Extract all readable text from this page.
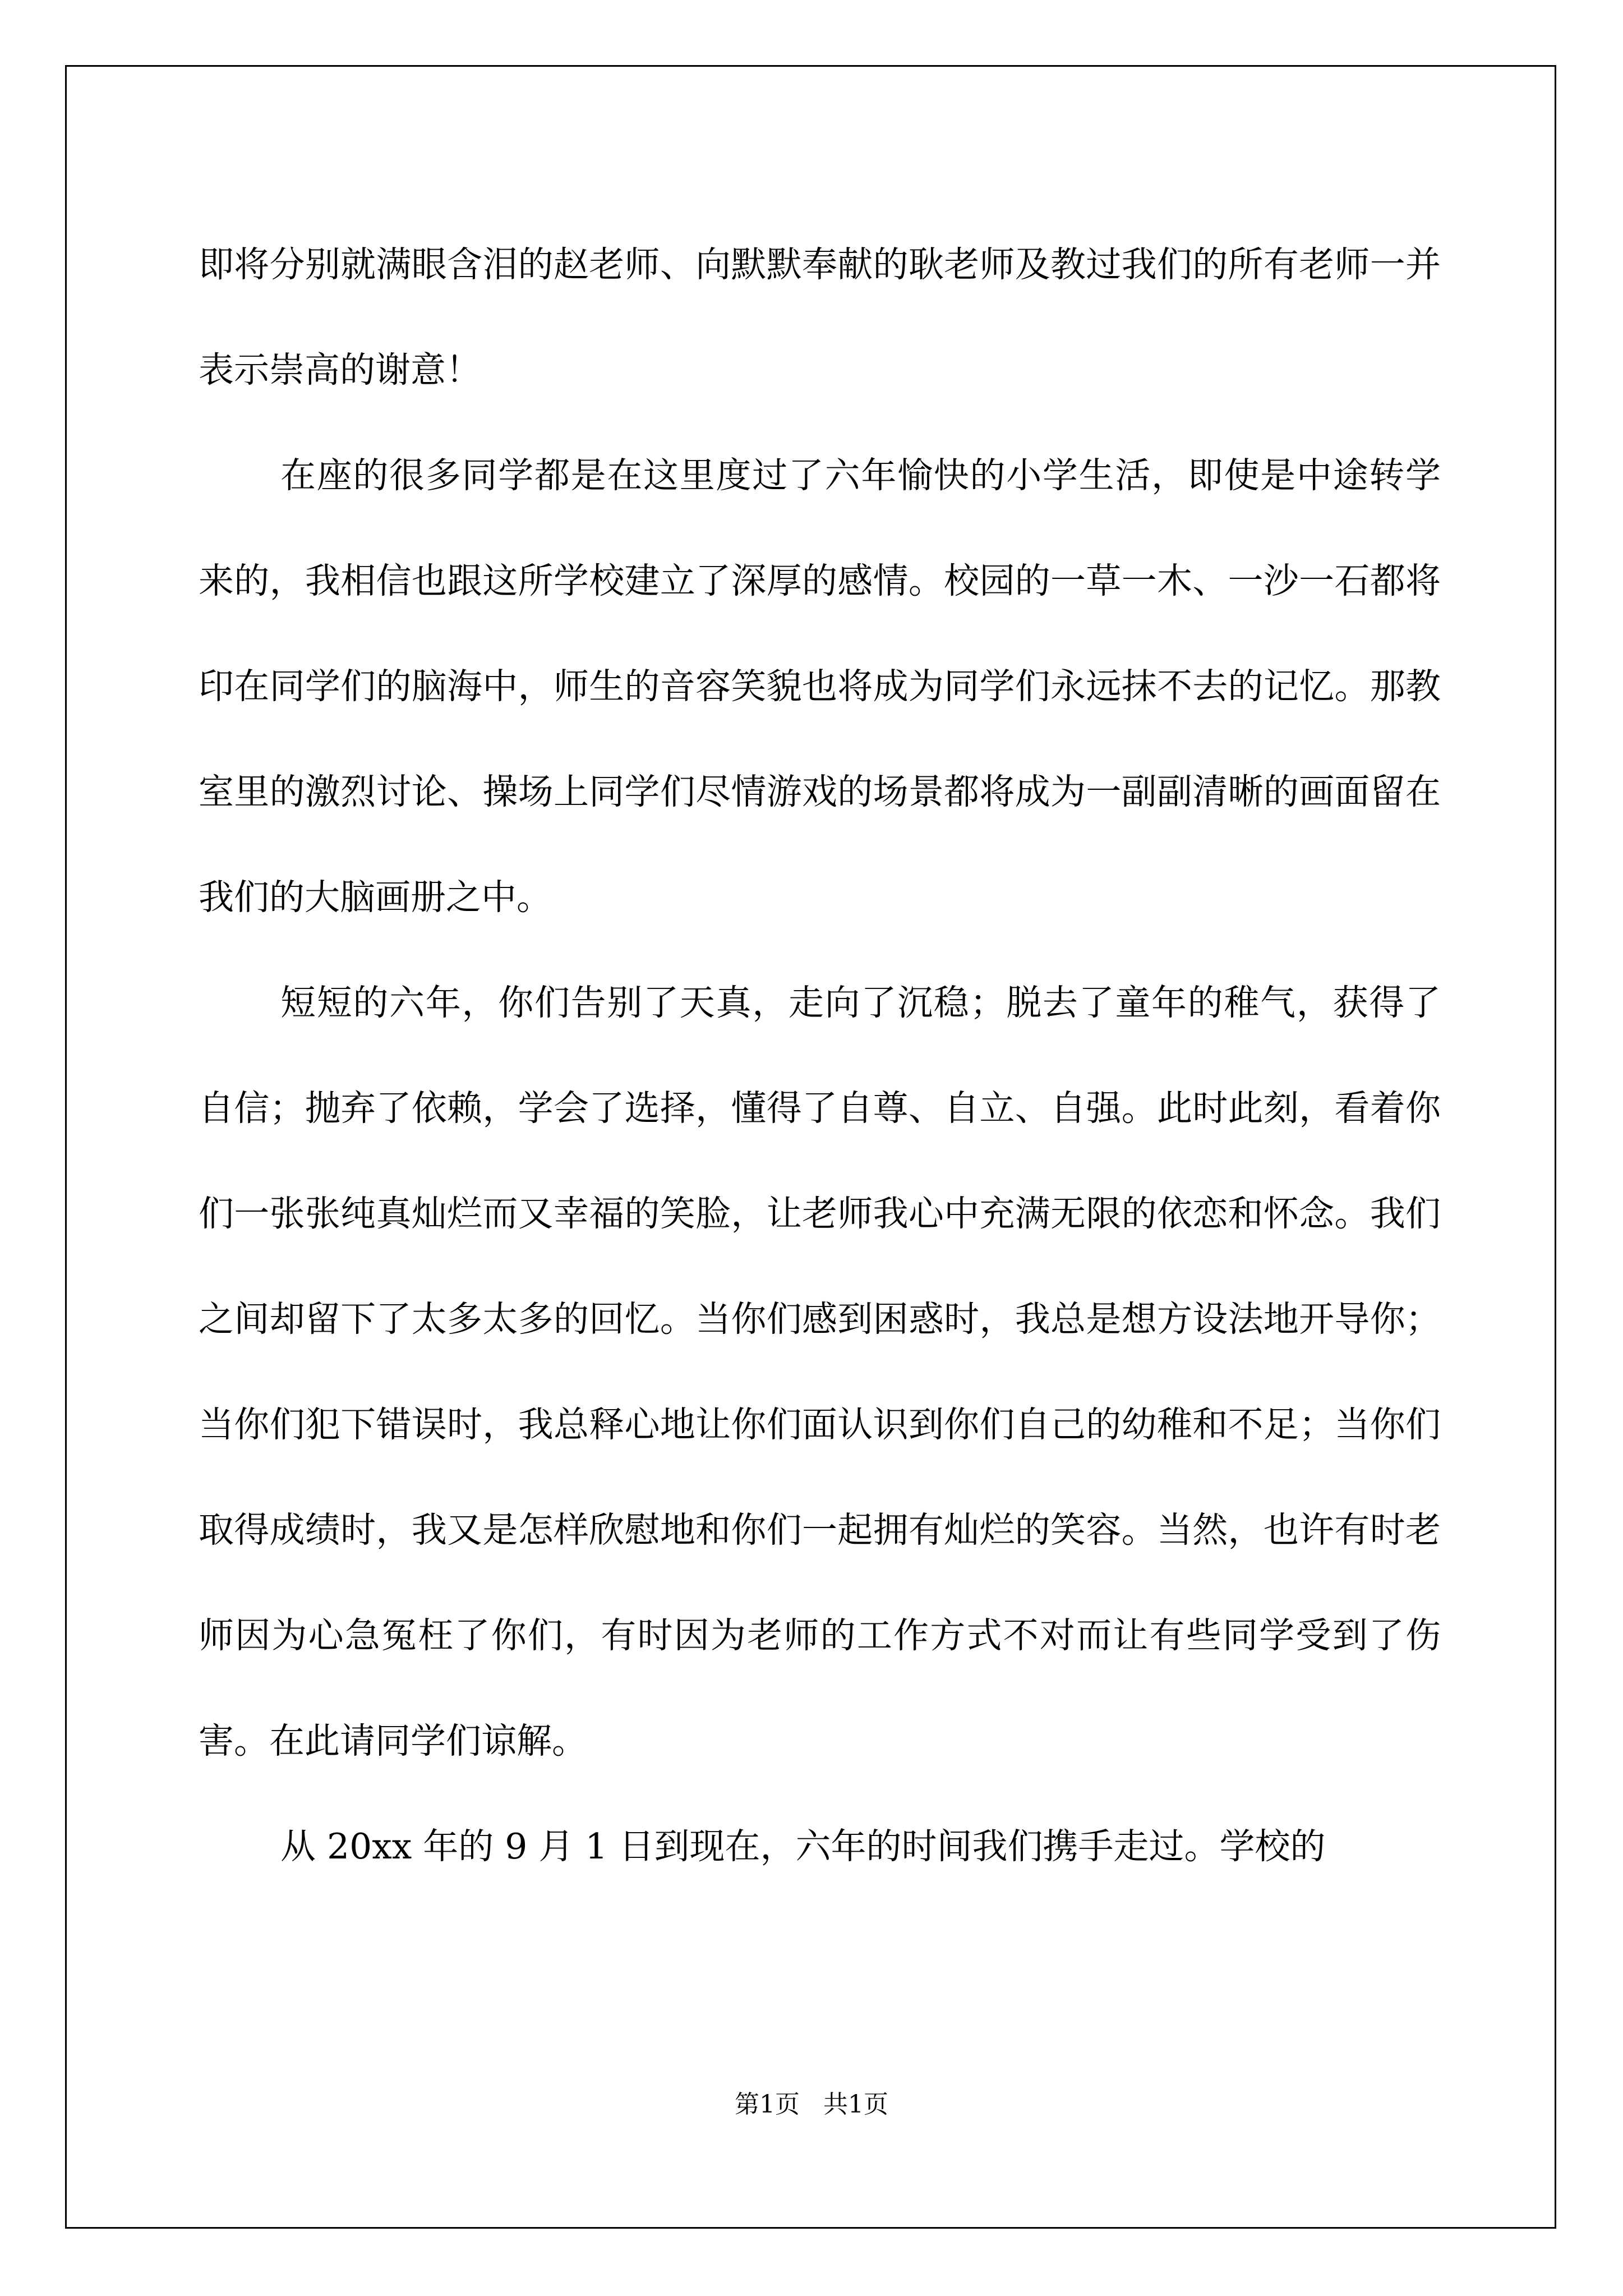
即将分别就满眼含泪的赵老师、向默默奉献的耿老师及教过我们的所有老师一并表示崇高的谢意！

在座的很多同学都是在这里度过了六年愉快的小学生活，即使是中途转学来的，我相信也跟这所学校建立了深厚的感情。校园的一草一木、一沙一石都将印在同学们的脑海中，师生的音容笑貌也将成为同学们永远抹不去的记忆。那教室里的激烈讨论、操场上同学们尽情游戏的场景都将成为一副副清晰的画面留在我们的大脑画册之中。

短短的六年，你们告别了天真，走向了沉稳；脱去了童年的稚气，获得了自信；抛弃了依赖，学会了选择，懂得了自尊、自立、自强。此时此刻，看着你们一张张纯真灿烂而又幸福的笑脸，让老师我心中充满无限的依恋和怀念。我们之间却留下了太多太多的回忆。当你们感到困惑时，我总是想方设法地开导你；当你们犯下错误时，我总释心地让你们面认识到你们自己的幼稚和不足；当你们取得成绩时，我又是怎样欣慰地和你们一起拥有灿烂的笑容。当然，也许有时老师因为心急冤枉了你们，有时因为老师的工作方式不对而让有些同学受到了伤害。在此请同学们谅解。

从 20xx 年的 9 月 1 日到现在，六年的时间我们携手走过。学校的

第1页   共1页
